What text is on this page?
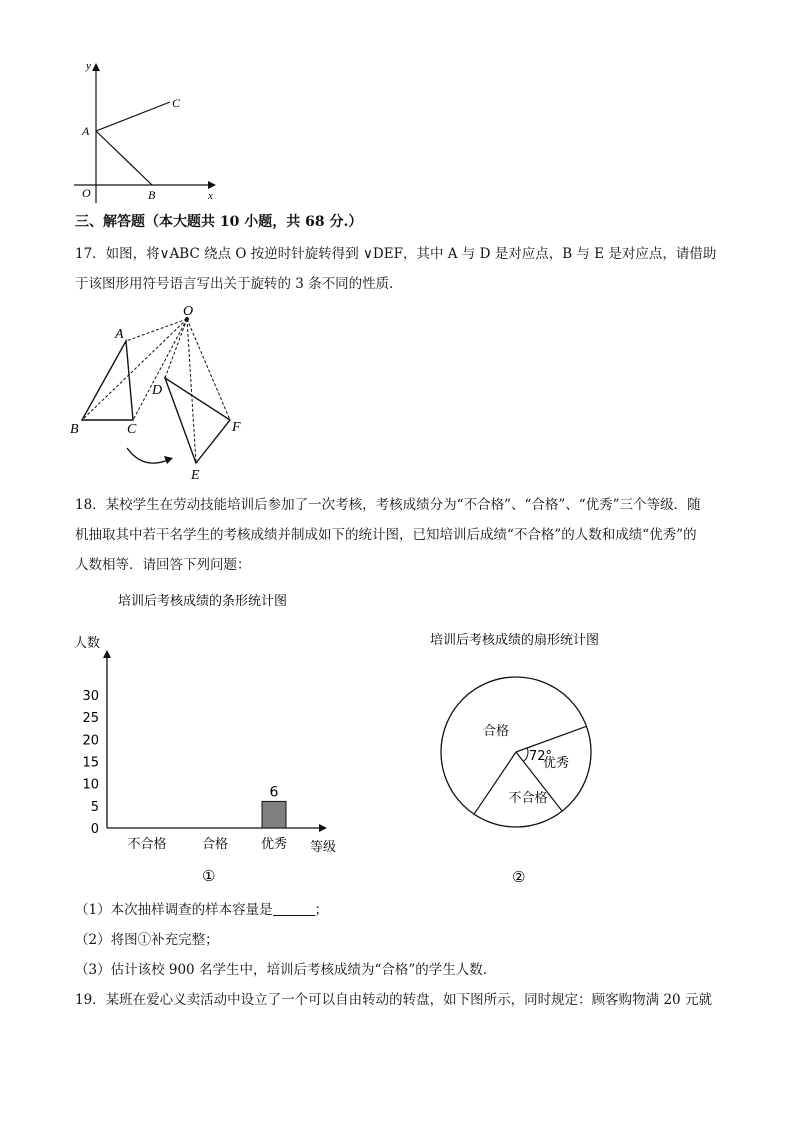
y
x
O
A
B
C
三、解答题（本大题共 10 小题，共 68 分.）
17．如图，将∨ABC 绕点 O 按逆时针旋转得到 ∨DEF，其中 A 与 D 是对应点，B 与 E 是对应点，请借助
于该图形用符号语言写出关于旋转的 3 条不同的性质．
O
A
B	C
D
E
F
18．某校学生在劳动技能培训后参加了一次考核，考核成绩分为“不合格”、“合格”、“优秀”三个等级．随
机抽取其中若干名学生的考核成绩并制成如下的统计图，已知培训后成绩“不合格”的人数和成绩“优秀”的
人数相等．请回答下列问题：
培训后考核成绩的条形统计图
人数
等级
①
0
5
10
15
20
25
30
不合格	合格	优秀
6
培训后考核成绩的扇形统计图
②
优秀
不合格
合格
72°
（1）本次抽样调查的样本容量是	；
（2）将图①补充完整；
（3）估计该校 900 名学生中，培训后考核成绩为“合格”的学生人数．
19．某班在爱心义卖活动中设立了一个可以自由转动的转盘，如下图所示，同时规定：顾客购物满 20 元就
